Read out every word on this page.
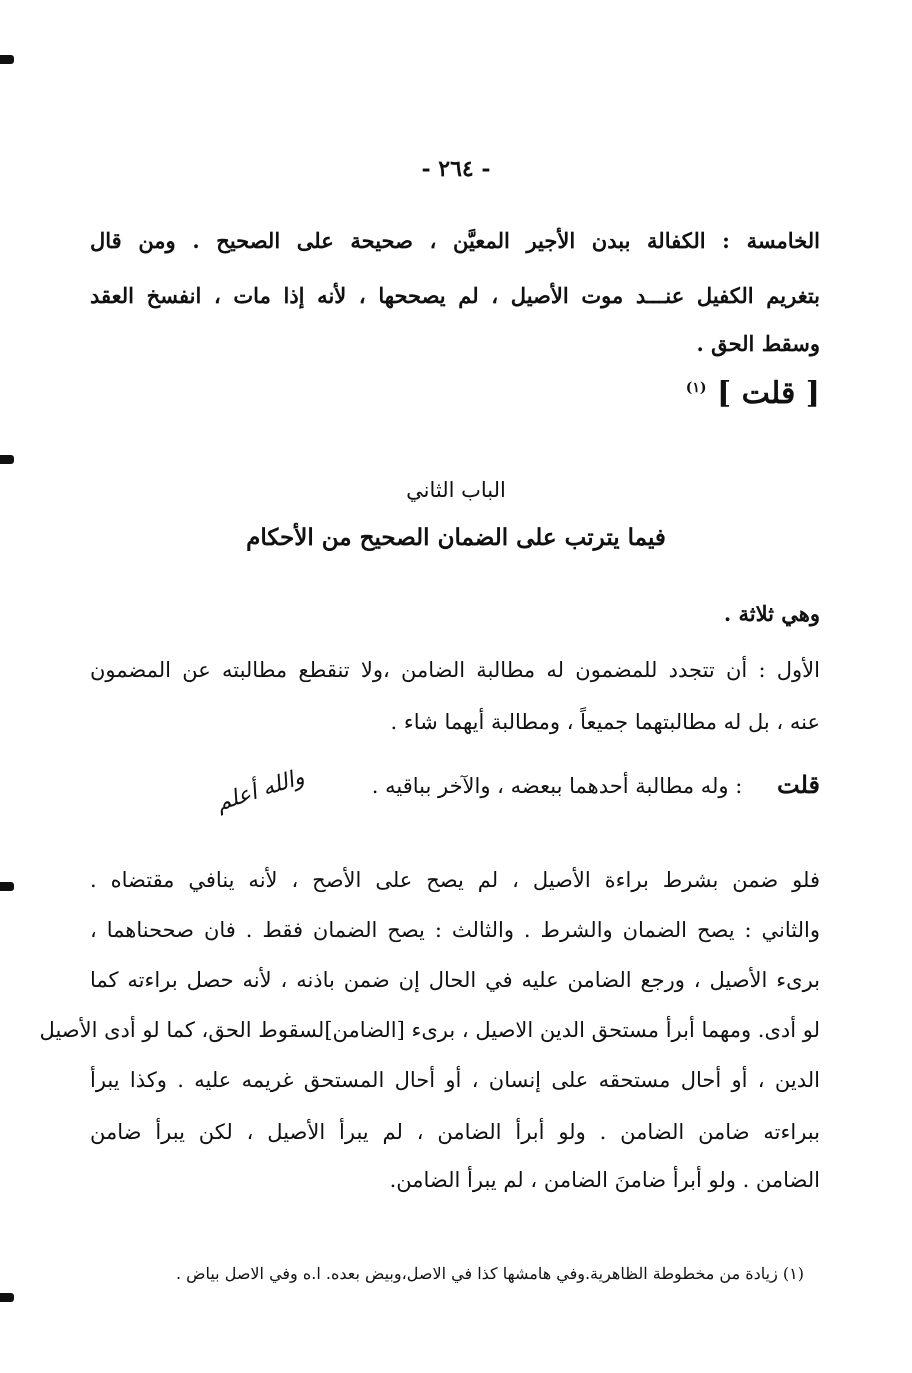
- ٢٦٤ -
الخامسة : الكفالة ببدن الأجير المعيَّن ، صحيحة على الصحيح . ومن قال
بتغريم الكفيل عنـــد موت الأصيل ، لم يصححها ، لأنه إذا مات ، انفسخ العقد
وسقط الحق .
[ قلت ] $^{(١)}$
الباب الثاني
فيما يترتب على الضمان الصحيح من الأحكام
وهي ثلاثة .
الأول : أن تتجدد للمضمون له مطالبة الضامن ،ولا تنقطع مطالبته عن المضمون
عنه ، بل له مطالبتهما جميعاً ، ومطالبة أيهما شاء .
قلت : وله مطالبة أحدهما ببعضه ، والآخر بباقيه .
والله أعلم
فلو ضمن بشرط براءة الأصيل ، لم يصح على الأصح ، لأنه ينافي مقتضاه .
والثاني : يصح الضمان والشرط . والثالث : يصح الضمان فقط . فان صححناهما ،
برىء الأصيل ، ورجع الضامن عليه في الحال إن ضمن باذنه ، لأنه حصل براءته كما
لو أدى. ومهما أبرأ مستحق الدين الاصيل ، برىء [الضامن]لسقوط الحق، كما لو أدى الأصيل
الدين ، أو أحال مستحقه على إنسان ، أو أحال المستحق غريمه عليه . وكذا يبرأ
ببراءته ضامن الضامن . ولو أبرأ الضامن ، لم يبرأ الأصيل ، لكن يبرأ ضامن
الضامن . ولو أبرأ ضامنَ الضامن ، لم يبرأ الضامن.
(١) زيادة من مخطوطة الظاهرية.وفي هامشها كذا في الاصل،وبيض بعده. ا.ه وفي الاصل بياض .
